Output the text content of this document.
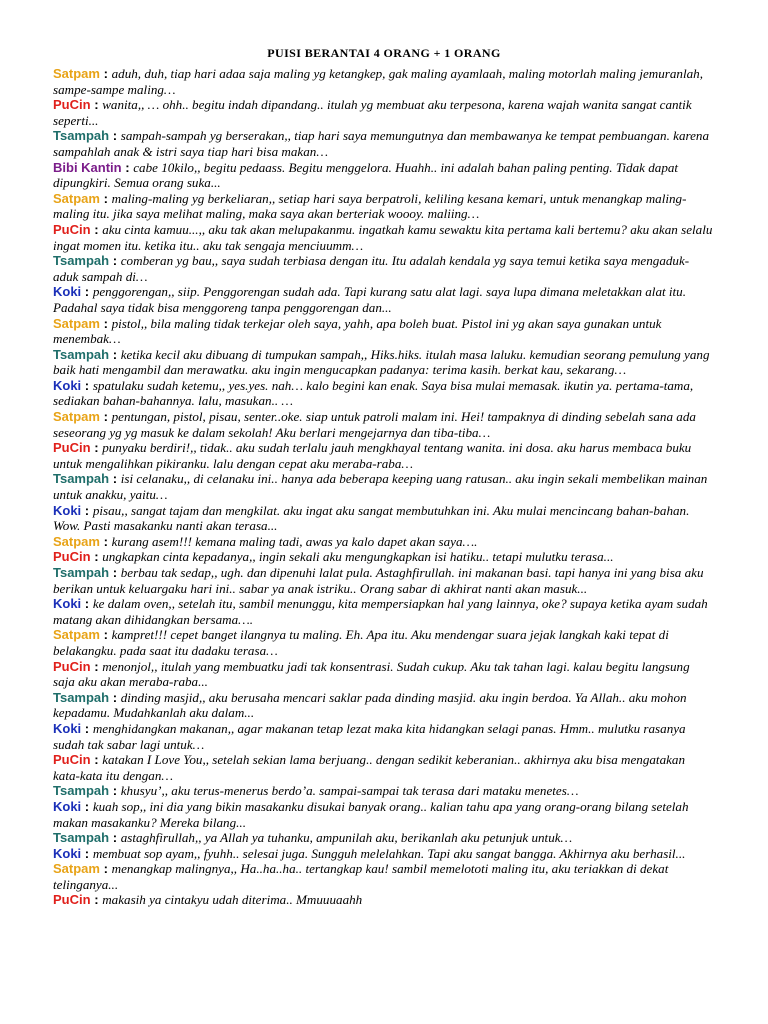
PUISI BERANTAI 4 ORANG + 1 ORANG

Satpam : aduh, duh, tiap hari adaa saja maling yg ketangkep, gak maling ayamlaah, maling motorlah maling jemuranlah, sampe-sampe maling…

PuCin : wanita,, … ohh.. begitu indah dipandang.. itulah yg membuat aku terpesona, karena wajah wanita sangat cantik seperti...

Tsampah : sampah-sampah yg berserakan,, tiap hari saya memungutnya dan membawanya ke tempat pembuangan. karena sampahlah anak & istri saya tiap hari bisa makan…

Bibi Kantin : cabe 10kilo,, begitu pedaass. Begitu menggelora. Huahh.. ini adalah bahan paling penting. Tidak dapat dipungkiri. Semua orang suka...

Satpam : maling-maling yg berkeliaran,, setiap hari saya berpatroli, keliling kesana kemari, untuk menangkap maling-maling itu. jika saya melihat maling, maka saya akan berteriak woooy. maliing…

PuCin : aku cinta kamuu...,, aku tak akan melupakanmu. ingatkah kamu sewaktu kita pertama kali bertemu? aku akan selalu ingat momen itu. ketika itu.. aku tak sengaja menciuumm…

Tsampah : comberan yg bau,, saya sudah terbiasa dengan itu. Itu adalah kendala yg saya temui ketika saya mengaduk-aduk sampah di…

Koki : penggorengan,, siip. Penggorengan sudah ada. Tapi kurang satu alat lagi. saya lupa dimana meletakkan alat itu. Padahal saya tidak bisa menggoreng tanpa penggorengan dan...

Satpam : pistol,, bila maling tidak terkejar oleh saya, yahh, apa boleh buat. Pistol ini yg akan saya gunakan untuk menembak…

Tsampah : ketika kecil aku dibuang di tumpukan sampah,, Hiks.hiks. itulah masa laluku. kemudian seorang pemulung yang baik hati mengambil dan merawatku. aku ingin mengucapkan padanya: terima kasih. berkat kau, sekarang…

Koki : spatulaku sudah ketemu,, yes.yes. nah… kalo begini kan enak. Saya bisa mulai memasak. ikutin ya. pertama-tama, sediakan bahan-bahannya. lalu, masukan.. …

Satpam : pentungan, pistol, pisau, senter..oke. siap untuk patroli malam ini. Hei! tampaknya di dinding sebelah sana ada seseorang yg yg masuk ke dalam sekolah! Aku berlari mengejarnya dan tiba-tiba…

PuCin : punyaku berdiri!,, tidak.. aku sudah terlalu jauh mengkhayal tentang wanita. ini dosa. aku harus membaca buku untuk mengalihkan pikiranku. lalu dengan cepat aku meraba-raba…

Tsampah : isi celanaku,, di celanaku ini.. hanya ada beberapa keeping uang ratusan.. aku ingin sekali membelikan mainan untuk anakku, yaitu…

Koki : pisau,, sangat tajam dan mengkilat. aku ingat aku sangat membutuhkan ini. Aku mulai mencincang bahan-bahan. Wow. Pasti masakanku nanti akan terasa...

Satpam : kurang asem!!! kemana maling tadi, awas ya kalo dapet akan saya….

PuCin : ungkapkan cinta kepadanya,, ingin sekali aku mengungkapkan isi hatiku.. tetapi mulutku terasa...

Tsampah : berbau tak sedap,, ugh. dan dipenuhi lalat pula. Astaghfirullah. ini makanan basi. tapi hanya ini yang bisa aku berikan untuk keluargaku hari ini.. sabar ya anak istriku.. Orang sabar di akhirat nanti akan masuk...

Koki : ke dalam oven,, setelah itu, sambil menunggu, kita mempersiapkan hal yang lainnya, oke? supaya ketika ayam sudah matang akan dihidangkan bersama….

Satpam : kampret!!! cepet banget ilangnya tu maling. Eh. Apa itu. Aku mendengar suara jejak langkah kaki tepat di belakangku. pada saat itu dadaku terasa…

PuCin : menonjol,, itulah yang membuatku jadi tak konsentrasi. Sudah cukup. Aku tak tahan lagi. kalau begitu langsung saja aku akan meraba-raba...

Tsampah : dinding masjid,, aku berusaha mencari saklar pada dinding masjid. aku ingin berdoa. Ya Allah.. aku mohon kepadamu. Mudahkanlah aku dalam...

Koki : menghidangkan makanan,, agar makanan tetap lezat maka kita hidangkan selagi panas. Hmm.. mulutku rasanya sudah tak sabar lagi untuk…

PuCin : katakan I Love You,, setelah sekian lama berjuang.. dengan sedikit keberanian.. akhirnya aku bisa mengatakan kata-kata itu dengan…

Tsampah : khusyu’,, aku terus-menerus berdo’a. sampai-sampai tak terasa dari mataku menetes…

Koki : kuah sop,, ini dia yang bikin masakanku disukai banyak orang.. kalian tahu apa yang orang-orang bilang setelah makan masakanku? Mereka bilang...

Tsampah : astaghfirullah,, ya Allah ya tuhanku, ampunilah aku, berikanlah aku petunjuk untuk…

Koki : membuat sop ayam,, fyuhh.. selesai juga. Sungguh melelahkan. Tapi aku sangat bangga. Akhirnya aku berhasil...

Satpam : menangkap malingnya,, Ha..ha..ha.. tertangkap kau! sambil memelototi maling itu, aku teriakkan di dekat telinganya...

PuCin : makasih ya cintakyu udah diterima.. Mmuuuaahh
